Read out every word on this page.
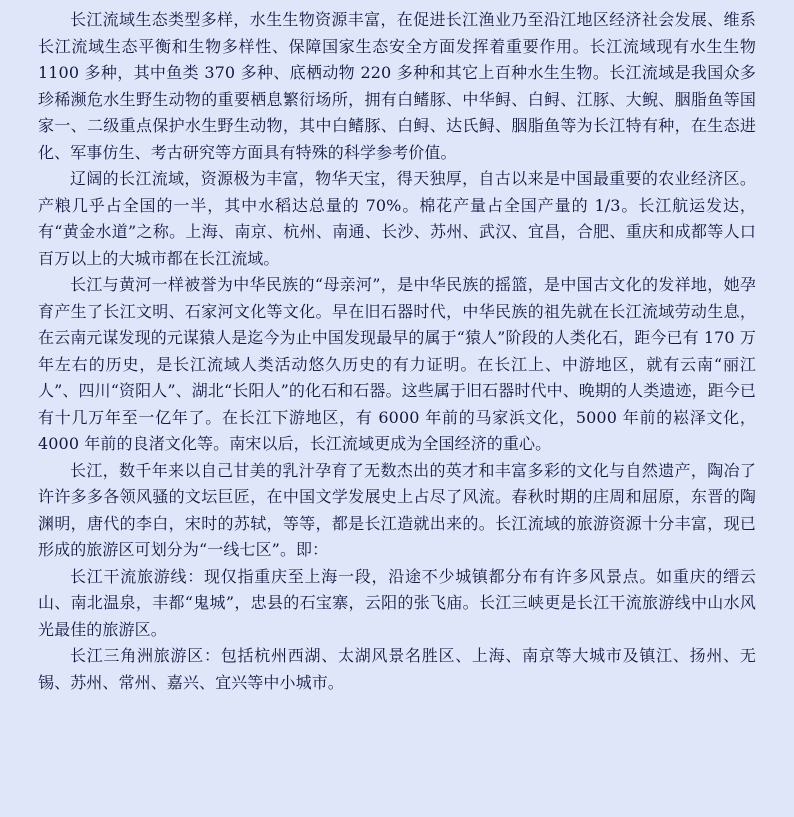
长江流域生态类型多样，水生生物资源丰富，在促进长江渔业乃至沿江地区经济社会发展、维系长江流域生态平衡和生物多样性、保障国家生态安全方面发挥着重要作用。长江流域现有水生生物 1100 多种，其中鱼类 370 多种、底栖动物 220 多种和其它上百种水生生物。长江流域是我国众多珍稀濒危水生野生动物的重要栖息繁衍场所，拥有白鳍豚、中华鲟、白鲟、江豚、大鲵、胭脂鱼等国家一、二级重点保护水生野生动物，其中白鳍豚、白鲟、达氏鲟、胭脂鱼等为长江特有种，在生态进化、军事仿生、考古研究等方面具有特殊的科学参考价值。

辽阔的长江流域，资源极为丰富，物华天宝，得天独厚，自古以来是中国最重要的农业经济区。产粮几乎占全国的一半，其中水稻达总量的 70%。棉花产量占全国产量的 1/3。长江航运发达，有“黄金水道”之称。上海、南京、杭州、南通、长沙、苏州、武汉、宜昌，合肥、重庆和成都等人口百万以上的大城市都在长江流域。

长江与黄河一样被誉为中华民族的“母亲河”，是中华民族的摇篮，是中国古文化的发祥地，她孕育产生了长江文明、石家河文化等文化。早在旧石器时代，中华民族的祖先就在长江流域劳动生息，在云南元谋发现的元谋猿人是迄今为止中国发现最早的属于“猿人”阶段的人类化石，距今已有 170 万年左右的历史，是长江流域人类活动悠久历史的有力证明。在长江上、中游地区，就有云南“丽江人”、四川“资阳人”、湖北“长阳人”的化石和石器。这些属于旧石器时代中、晚期的人类遗迹，距今已有十几万年至一亿年了。在长江下游地区，有 6000 年前的马家浜文化，5000 年前的崧泽文化，4000 年前的良渚文化等。南宋以后，长江流域更成为全国经济的重心。

长江，数千年来以自己甘美的乳汁孕育了无数杰出的英才和丰富多彩的文化与自然遗产，陶冶了许许多多各领风骚的文坛巨匠，在中国文学发展史上占尽了风流。春秋时期的庄周和屈原，东晋的陶渊明，唐代的李白，宋时的苏轼，等等，都是长江造就出来的。长江流域的旅游资源十分丰富，现已形成的旅游区可划分为“一线七区”。即：

长江干流旅游线：现仅指重庆至上海一段，沿途不少城镇都分布有许多风景点。如重庆的缙云山、南北温泉，丰都“鬼城”，忠县的石宝寨，云阳的张飞庙。长江三峡更是长江干流旅游线中山水风光最佳的旅游区。

长江三角洲旅游区：包括杭州西湖、太湖风景名胜区、上海、南京等大城市及镇江、扬州、无锡、苏州、常州、嘉兴、宜兴等中小城市。
